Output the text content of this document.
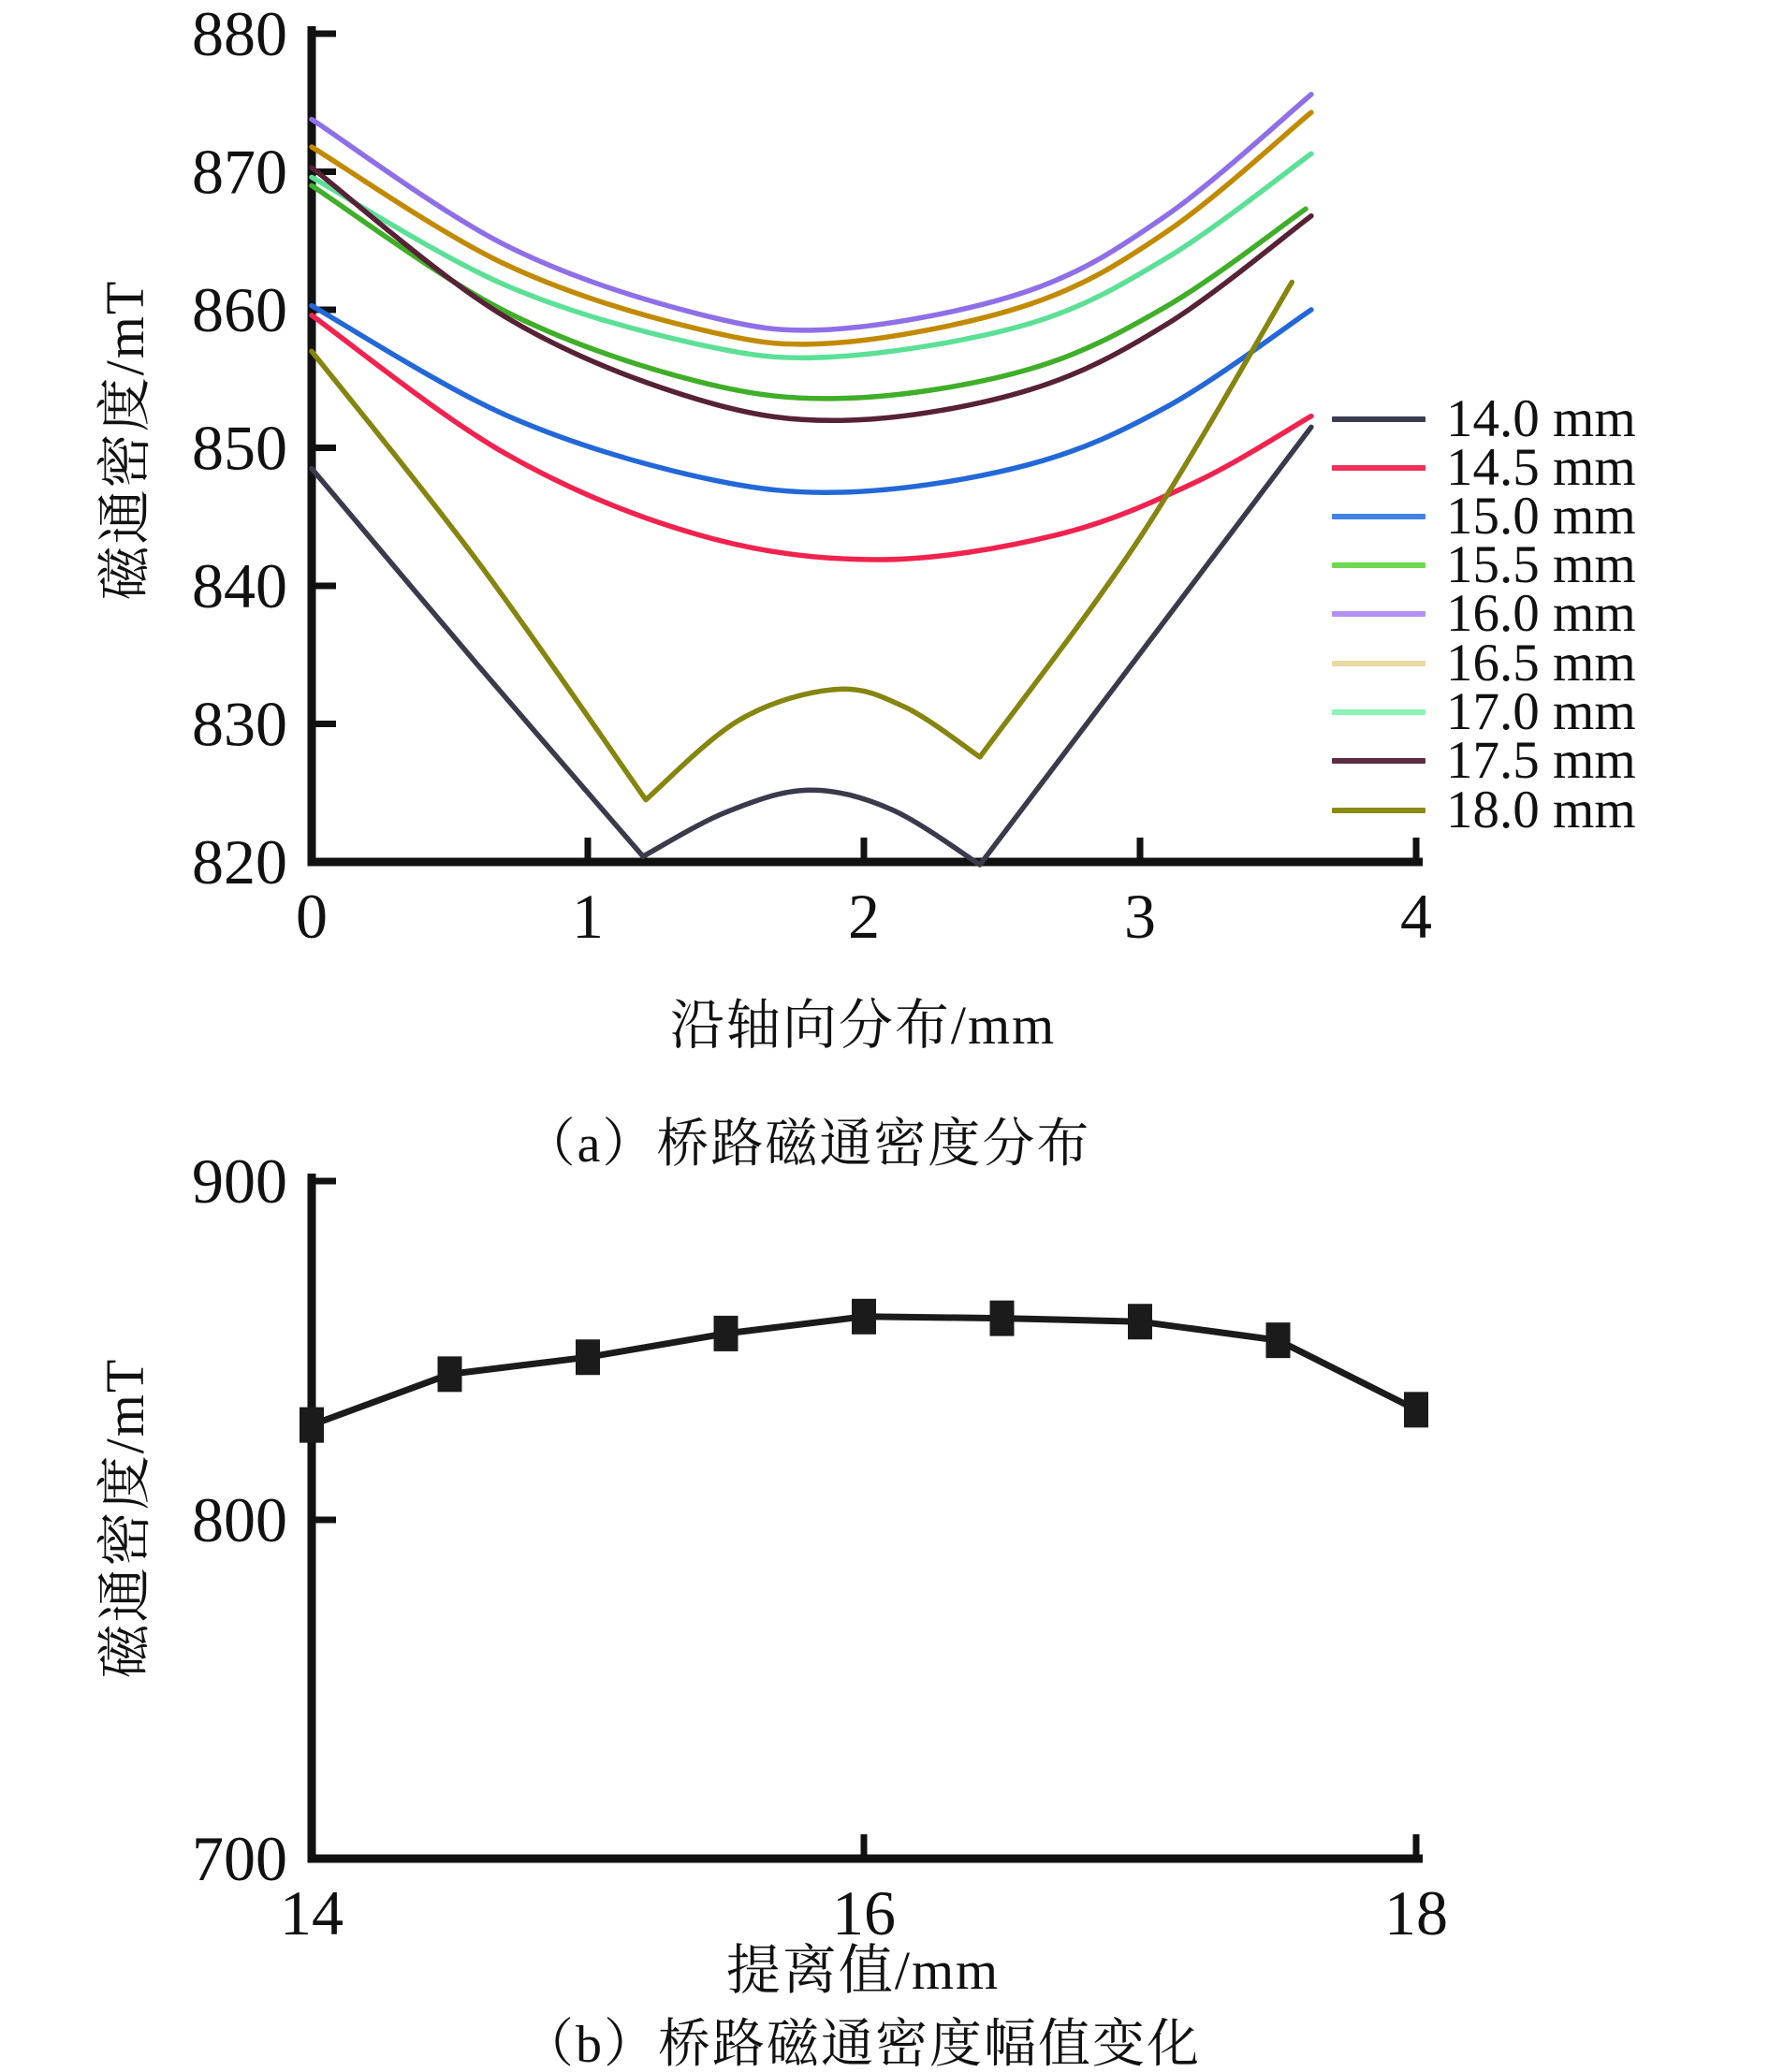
880
870
860
850
840
830
820
0	1	2	3	4
900
800
700
14	16	18
磁通密度/mT
沿轴向分布/mm
（a）桥路磁通密度分布
磁通密度/mT
提离值/mm
（b）桥路磁通密度幅值变化
14.0 mm
14.5 mm
15.0 mm
15.5 mm
16.0 mm
16.5 mm
17.0 mm
17.5 mm
18.0 mm
